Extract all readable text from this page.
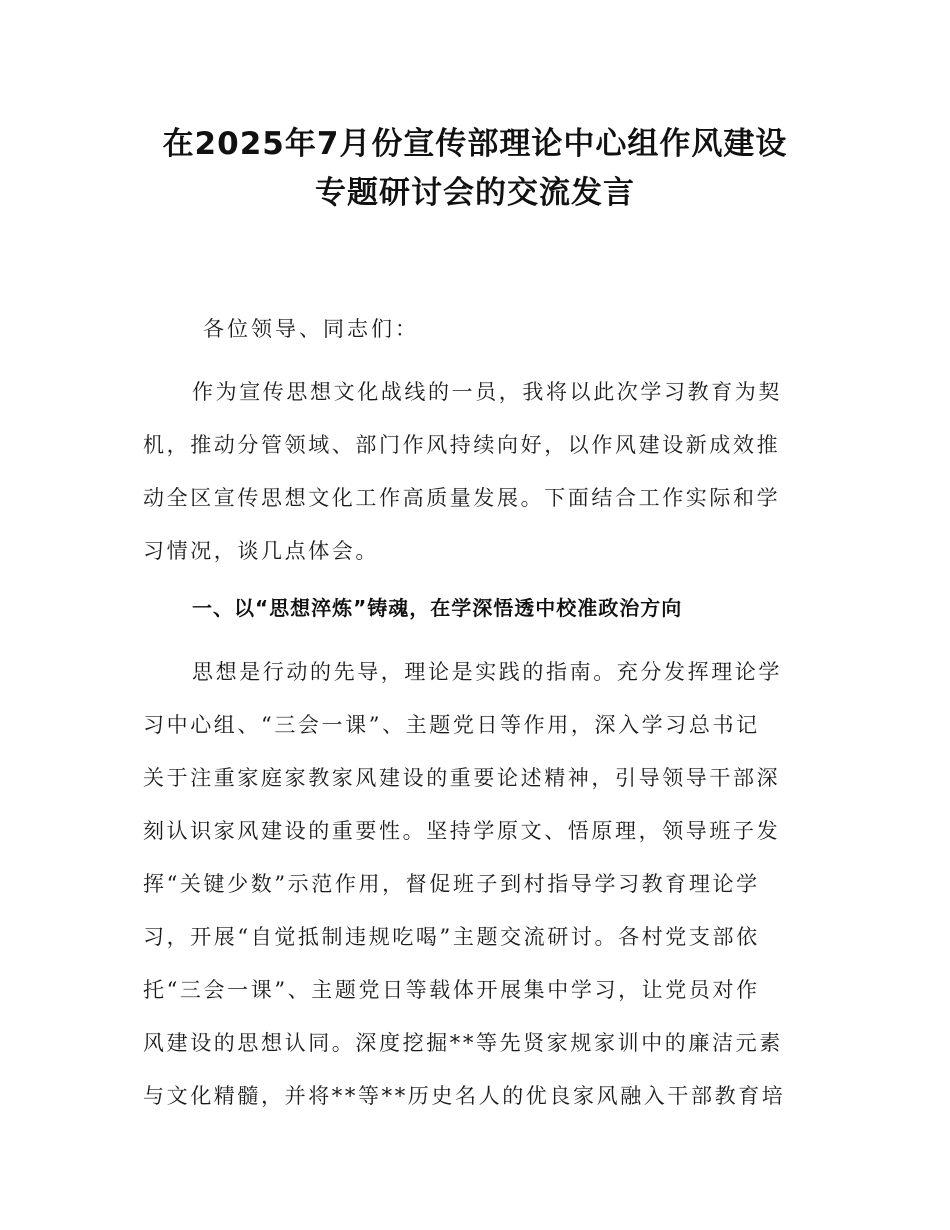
在2025年7月份宣传部理论中心组作风建设
专题研讨会的交流发言

各位领导、同志们：

作为宣传思想文化战线的一员，我将以此次学习教育为契

机，推动分管领域、部门作风持续向好，以作风建设新成效推

动全区宣传思想文化工作高质量发展。下面结合工作实际和学

习情况，谈几点体会。

一、以“思想淬炼”铸魂，在学深悟透中校准政治方向

思想是行动的先导，理论是实践的指南。充分发挥理论学

习中心组、“三会一课”、主题党日等作用，深入学习总书记

关于注重家庭家教家风建设的重要论述精神，引导领导干部深

刻认识家风建设的重要性。坚持学原文、悟原理，领导班子发

挥“关键少数”示范作用，督促班子到村指导学习教育理论学

习，开展“自觉抵制违规吃喝”主题交流研讨。各村党支部依

托“三会一课”、主题党日等载体开展集中学习，让党员对作

风建设的思想认同。深度挖掘**等先贤家规家训中的廉洁元素

与文化精髓，并将**等**历史名人的优良家风融入干部教育培
